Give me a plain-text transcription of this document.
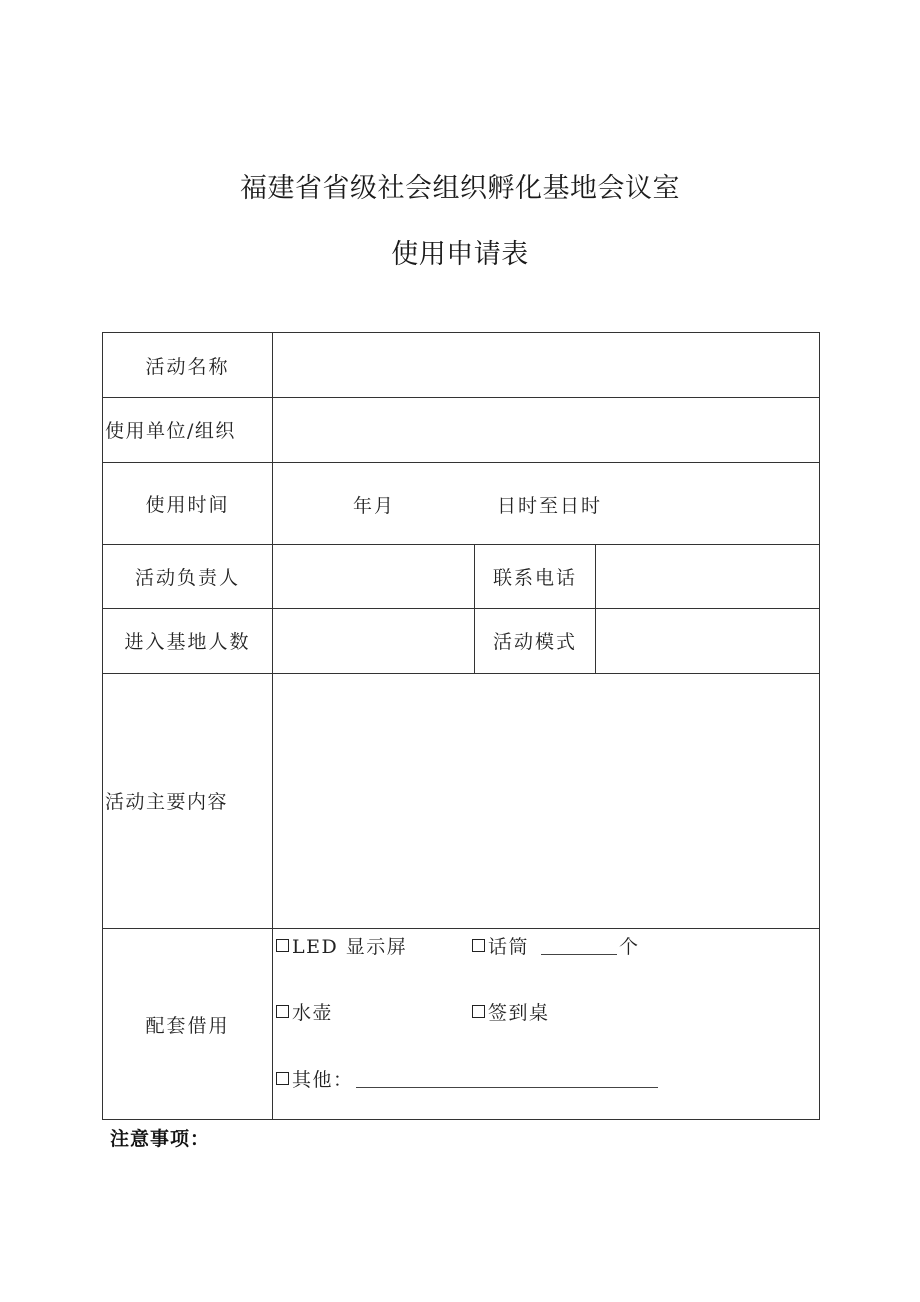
福建省省级社会组织孵化基地会议室
使用申请表
活动名称
使用单位/组织
使用时间	年月	日时至日时
活动负责人	联系电话
进入基地人数	活动模式
活动主要内容
配套借用
LED 显示屏	话筒	个
水壶	签到桌
其他：
注意事项：
